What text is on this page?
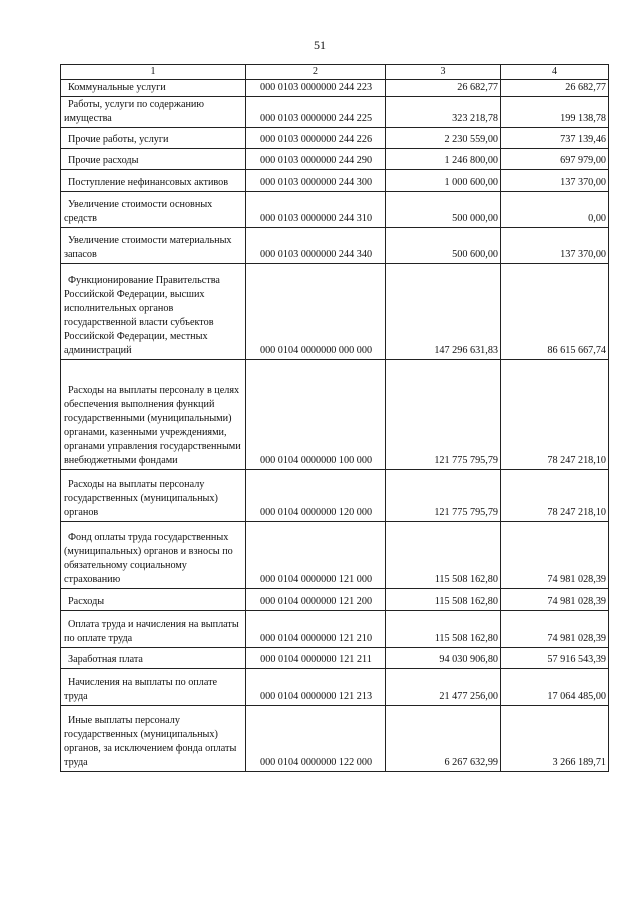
51
1	2	3	4
Коммунальные услуги	000 0103 0000000 244 223	26 682,77	26 682,77
Работы, услуги по содержанию имущества	000 0103 0000000 244 225	323 218,78	199 138,78
Прочие работы, услуги	000 0103 0000000 244 226	2 230 559,00	737 139,46
Прочие расходы	000 0103 0000000 244 290	1 246 800,00	697 979,00
Поступление нефинансовых активов	000 0103 0000000 244 300	1 000 600,00	137 370,00
Увеличение стоимости основных средств	000 0103 0000000 244 310	500 000,00	0,00
Увеличение стоимости материальных запасов	000 0103 0000000 244 340	500 600,00	137 370,00
Функционирование Правительства Российской Федерации, высших исполнительных органов государственной власти субъектов Российской Федерации, местных администраций	000 0104 0000000 000 000	147 296 631,83	86 615 667,74
Расходы на выплаты персоналу в целях обеспечения выполнения функций государственными (муниципальными) органами, казенными учреждениями, органами управления государственными внебюджетными фондами	000 0104 0000000 100 000	121 775 795,79	78 247 218,10
Расходы на выплаты персоналу государственных (муниципальных) органов	000 0104 0000000 120 000	121 775 795,79	78 247 218,10
Фонд оплаты труда государственных (муниципальных) органов и взносы по обязательному социальному страхованию	000 0104 0000000 121 000	115 508 162,80	74 981 028,39
Расходы	000 0104 0000000 121 200	115 508 162,80	74 981 028,39
Оплата труда и начисления на выплаты по оплате труда	000 0104 0000000 121 210	115 508 162,80	74 981 028,39
Заработная плата	000 0104 0000000 121 211	94 030 906,80	57 916 543,39
Начисления на выплаты по оплате труда	000 0104 0000000 121 213	21 477 256,00	17 064 485,00
Иные выплаты персоналу государственных (муниципальных) органов, за исключением фонда оплаты труда	000 0104 0000000 122 000	6 267 632,99	3 266 189,71
